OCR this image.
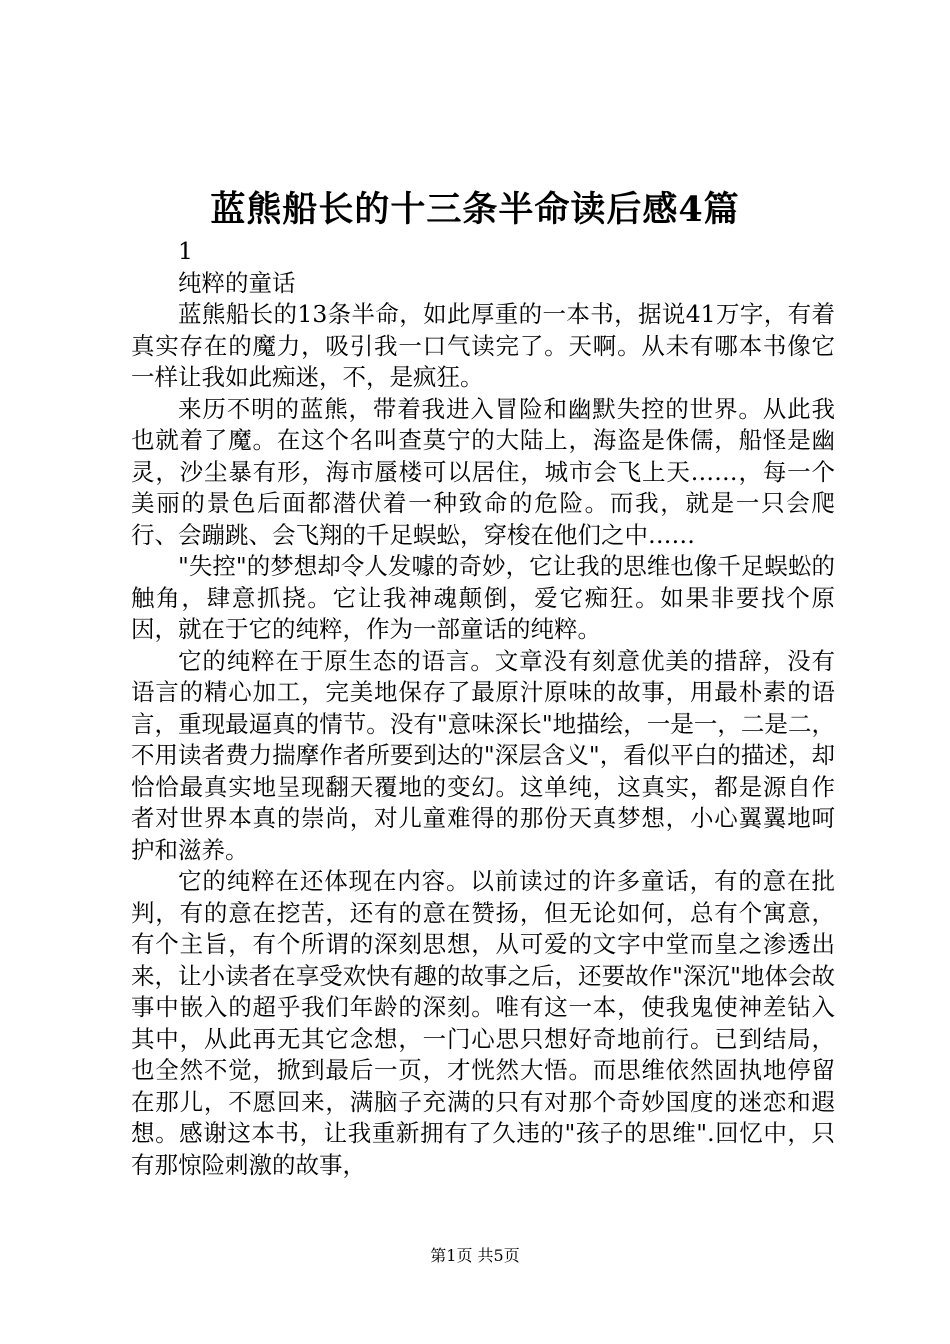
蓝熊船长的十三条半命读后感4篇

1

纯粹的童话

蓝熊船长的13条半命，如此厚重的一本书，据说41万字，有着真实存在的魔力，吸引我一口气读完了。天啊。从未有哪本书像它一样让我如此痴迷，不，是疯狂。

来历不明的蓝熊，带着我进入冒险和幽默失控的世界。从此我也就着了魔。在这个名叫查莫宁的大陆上，海盗是侏儒，船怪是幽灵，沙尘暴有形，海市蜃楼可以居住，城市会飞上天……，每一个美丽的景色后面都潜伏着一种致命的危险。而我，就是一只会爬行、会蹦跳、会飞翔的千足蜈蚣，穿梭在他们之中……

"失控"的梦想却令人发噱的奇妙，它让我的思维也像千足蜈蚣的触角，肆意抓挠。它让我神魂颠倒，爱它痴狂。如果非要找个原因，就在于它的纯粹，作为一部童话的纯粹。

它的纯粹在于原生态的语言。文章没有刻意优美的措辞，没有语言的精心加工，完美地保存了最原汁原味的故事，用最朴素的语言，重现最逼真的情节。没有"意味深长"地描绘，一是一，二是二，不用读者费力揣摩作者所要到达的"深层含义"，看似平白的描述，却恰恰最真实地呈现翻天覆地的变幻。这单纯，这真实，都是源自作者对世界本真的崇尚，对儿童难得的那份天真梦想，小心翼翼地呵护和滋养。

它的纯粹在还体现在内容。以前读过的许多童话，有的意在批判，有的意在挖苦，还有的意在赞扬，但无论如何，总有个寓意，有个主旨，有个所谓的深刻思想，从可爱的文字中堂而皇之渗透出来，让小读者在享受欢快有趣的故事之后，还要故作"深沉"地体会故事中嵌入的超乎我们年龄的深刻。唯有这一本，使我鬼使神差钻入其中，从此再无其它念想，一门心思只想好奇地前行。已到结局，也全然不觉，掀到最后一页，才恍然大悟。而思维依然固执地停留在那儿，不愿回来，满脑子充满的只有对那个奇妙国度的迷恋和遐想。感谢这本书，让我重新拥有了久违的"孩子的思维".回忆中，只有那惊险刺激的故事，

第1页 共5页
